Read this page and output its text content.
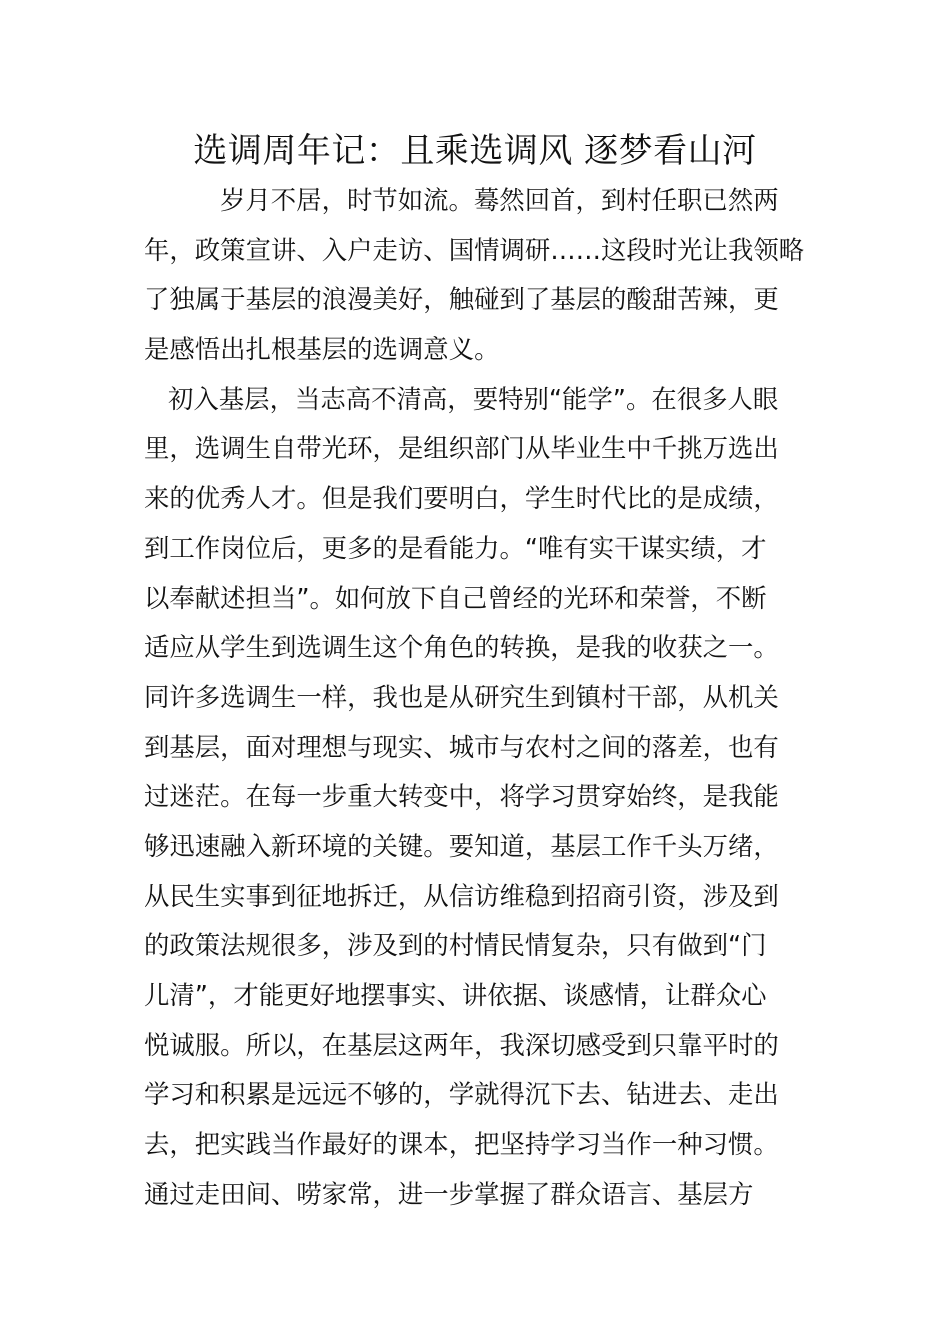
选调周年记：且乘选调风 逐梦看山河
岁月不居，时节如流。蓦然回首，到村任职已然两
年，政策宣讲、入户走访、国情调研……这段时光让我领略
了独属于基层的浪漫美好，触碰到了基层的酸甜苦辣，更
是感悟出扎根基层的选调意义。
初入基层，当志高不清高，要特别“能学”。在很多人眼
里，选调生自带光环，是组织部门从毕业生中千挑万选出
来的优秀人才。但是我们要明白，学生时代比的是成绩，
到工作岗位后，更多的是看能力。“唯有实干谋实绩，才
以奉献述担当”。如何放下自己曾经的光环和荣誉，不断
适应从学生到选调生这个角色的转换，是我的收获之一。
同许多选调生一样，我也是从研究生到镇村干部，从机关
到基层，面对理想与现实、城市与农村之间的落差，也有
过迷茫。在每一步重大转变中，将学习贯穿始终，是我能
够迅速融入新环境的关键。要知道，基层工作千头万绪，
从民生实事到征地拆迁，从信访维稳到招商引资，涉及到
的政策法规很多，涉及到的村情民情复杂，只有做到“门
儿清”，才能更好地摆事实、讲依据、谈感情，让群众心
悦诚服。所以，在基层这两年，我深切感受到只靠平时的
学习和积累是远远不够的，学就得沉下去、钻进去、走出
去，把实践当作最好的课本，把坚持学习当作一种习惯。
通过走田间、唠家常，进一步掌握了群众语言、基层方
